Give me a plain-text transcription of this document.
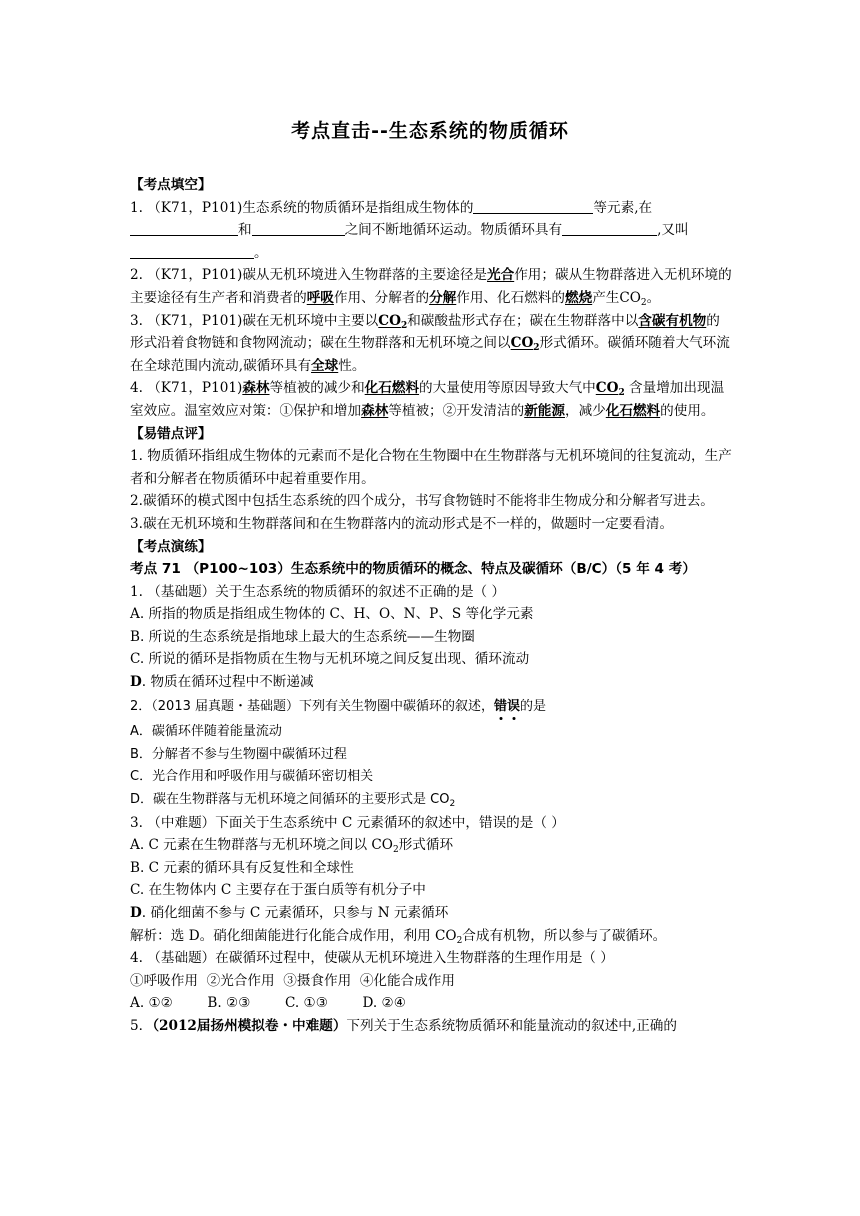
考点直击--生态系统的物质循环

【考点填空】

1. （K71，P101)生态系统的物质循环是指组成生物体的	等元素,在
和	之间不断地循环运动。物质循环具有	,又叫
。

2. （K71，P101)碳从无机环境进入生物群落的主要途径是光合作用；碳从生物群落进入无机环境的主要途径有生产者和消费者的呼吸作用、分解者的分解作用、化石燃料的燃烧产生$CO_2$。

3. （K71，P101)碳在无机环境中主要以$CO_2$和碳酸盐形式存在；碳在生物群落中以含碳有机物的形式沿着食物链和食物网流动；碳在生物群落和无机环境之间以$CO_2$形式循环。碳循环随着大气环流在全球范围内流动,碳循环具有全球性。

4. （K71，P101)森林等植被的减少和化石燃料的大量使用等原因导致大气中$CO_2$ 含量增加出现温室效应。温室效应对策：①保护和增加森林等植被；②开发清洁的新能源，减少化石燃料的使用。

【易错点评】

1. 物质循环指组成生物体的元素而不是化合物在生物圈中在生物群落与无机环境间的往复流动，生产者和分解者在物质循环中起着重要作用。

2.碳循环的模式图中包括生态系统的四个成分，书写食物链时不能将非生物成分和分解者写进去。

3.碳在无机环境和生物群落间和在生物群落内的流动形式是不一样的，做题时一定要看清。

【考点演练】

考点 71 （P100~103）生态系统中的物质循环的概念、特点及碳循环（B/C）（5 年 4 考）

1. （基础题）关于生态系统的物质循环的叙述不正确的是（ ）

A. 所指的物质是指组成生物体的 C、H、O、N、P、S 等化学元素

B. 所说的生态系统是指地球上最大的生态系统——生物圈

C. 所说的循环是指物质在生物与无机环境之间反复出现、循环流动

D. 物质在循环过程中不断递减

2．（2013 届真题・基础题）下列有关生物圈中碳循环的叙述，错
误
的是

A．碳循环伴随着能量流动

B．分解者不参与生物圈中碳循环过程

C．光合作用和呼吸作用与碳循环密切相关

D．碳在生物群落与无机环境之间循环的主要形式是 $CO_2$

3. （中难题）下面关于生态系统中 C 元素循环的叙述中，错误的是（ ）

A. C 元素在生物群落与无机环境之间以 $CO_2$形式循环

B. C 元素的循环具有反复性和全球性

C. 在生物体内 C 主要存在于蛋白质等有机分子中

D. 硝化细菌不参与 C 元素循环，只参与 N 元素循环

解析：选 D。硝化细菌能进行化能合成作用，利用 $CO_2$合成有机物，所以参与了碳循环。

4. （基础题）在碳循环过程中，使碳从无机环境进入生物群落的生理作用是（ ）

①呼吸作用  ②光合作用  ③摄食作用  ④化能合成作用

A. ①②        B. ②③        C. ①③        D. ②④

5．（2012届扬州模拟卷・中难题）下列关于生态系统物质循环和能量流动的叙述中,正确的
